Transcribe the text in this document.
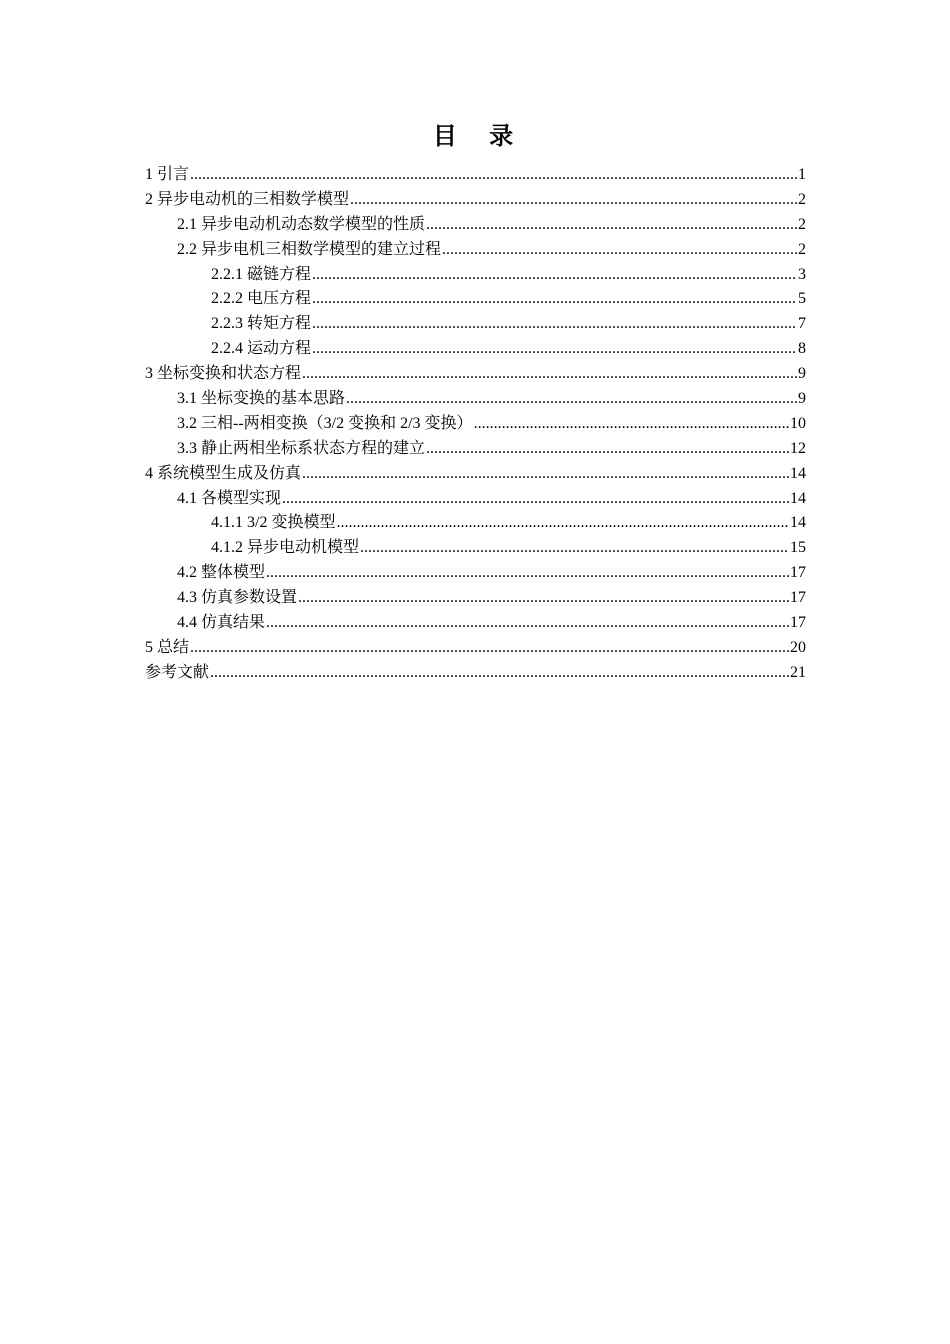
目 录
1 引言 .....	1
2 异步电动机的三相数学模型 .....	2
2.1 异步电动机动态数学模型的性质 .....	2
2.2 异步电机三相数学模型的建立过程 .....	2
2.2.1 磁链方程 .....	3
2.2.2 电压方程 .....	5
2.2.3 转矩方程 .....	7
2.2.4 运动方程 .....	8
3 坐标变换和状态方程 .....	9
3.1 坐标变换的基本思路 .....	9
3.2 三相--两相变换（3/2 变换和 2/3 变换） .....	10
3.3 静止两相坐标系状态方程的建立 .....	12
4 系统模型生成及仿真 .....	14
4.1 各模型实现 .....	14
4.1.1 3/2 变换模型 .....	14
4.1.2 异步电动机模型 .....	15
4.2 整体模型 .....	17
4.3 仿真参数设置 .....	17
4.4 仿真结果 .....	17
5 总结 .....	20
参考文献 .....	21
